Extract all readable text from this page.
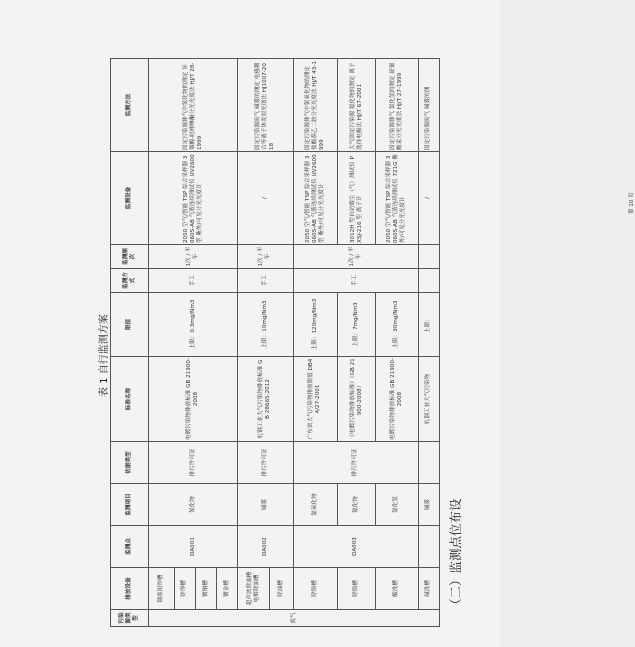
（二）监测点位布设
表 1 自行监测方案
污染源类型	排放设备	监测点	监测项目	依据类型	标准名称	限值	监测方式	监测频次	监测设备	监测方法
废气	钢瓶组焊槽	DA001	氮化物	排污许可证	电镀污染物排放标准 GB 21900-2008	上限：0.3mg/Nm3	手工	1次 / 半年	2050 空气/智能 TSP 综合采样器 3060S-AB 气液连续测试仪 UV2600 型 紫外/可见分光光度计	固定污染源排气中氮化物的测定 异烟酸-吡唑啉酮分光光度法 HJ/T 28-1999
	锌焊槽									
	镀铜槽									
	镀金槽									
	超声波除油槽 电解除油槽	DA002	碱雾	排污许可证	轧钢工业大气污染物排放标准 GB 28665-2012	上限：10mg/Nm3	手工	1次 / 半年	/	固定污染源废气 碱雾的测定 电感耦合等离子体发射光谱法 HJ1007-2018
	除油槽									
	除铬槽	DA003	氯氧化物	排污许可证	广东省大气污染物排放限值 DB44/27-2001	上限：120mg/Nm3	手工	1次 / 半年	2050 空气/智能 TSP 综合采样器 3060S-AB 气液连续测试仪 UV2600 型 紫外/可见分光光度计	固定污染源排气中氯氧化物的测定 盐酸萘乙二胺分光光度法 HJ/T 43-1999
	除铬槽		氟化物		《电镀污染物排放标准》（GB 21900-2008）	上限：7mg/Nm3			3012H 型自动烟尘（气）测试仪 PXSJ-216 型 离子计	大气固定污染源 氟化物的测定 离子选择电极法 HJ/T 67-2001
	酸洗槽		氯化氢		电镀污染物排放标准 GB 21900-2008	上限：30mg/Nm3			2050 空气/智能 TSP 综合采样器 3060S-AB 气液连续测试仪 721G 紫外/可见分光光度计	固定污染源排气 氯化氢的测定 硫氰酸汞分光光度法 HJ/T 27-1999
	碱洗槽		碱雾		轧钢工业大气污染物	上限：			/	固定污染源废气 碱雾的测
第 10 页
